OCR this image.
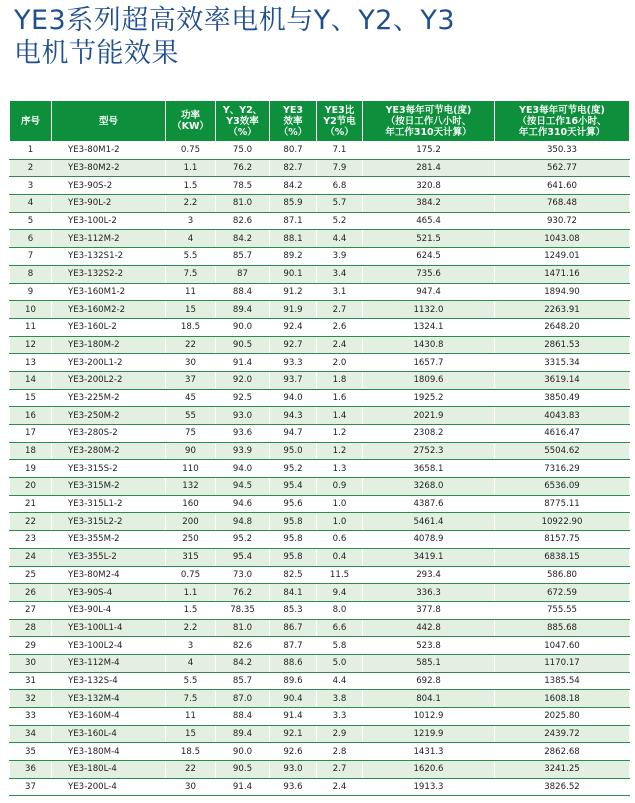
YE3系列超高效率电机与Y、Y2、Y3
电机节能效果
序号	型号	功率
（KW）	Y、Y2、
Y3效率
（%）	YE3
效率
（%）	YE3比
Y2节电
（%）	YE3每年可节电(度)
（按日工作八小时、
年工作310天计算）	YE3每年可节电(度)
（按日工作16小时、
年工作310天计算）
1	YE3-80M1-2	0.75	75.0	80.7	7.1	175.2	350.33
2	YE3-80M2-2	1.1	76.2	82.7	7.9	281.4	562.77
3	YE3-90S-2	1.5	78.5	84.2	6.8	320.8	641.60
4	YE3-90L-2	2.2	81.0	85.9	5.7	384.2	768.48
5	YE3-100L-2	3	82.6	87.1	5.2	465.4	930.72
6	YE3-112M-2	4	84.2	88.1	4.4	521.5	1043.08
7	YE3-132S1-2	5.5	85.7	89.2	3.9	624.5	1249.01
8	YE3-132S2-2	7.5	87	90.1	3.4	735.6	1471.16
9	YE3-160M1-2	11	88.4	91.2	3.1	947.4	1894.90
10	YE3-160M2-2	15	89.4	91.9	2.7	1132.0	2263.91
11	YE3-160L-2	18.5	90.0	92.4	2.6	1324.1	2648.20
12	YE3-180M-2	22	90.5	92.7	2.4	1430.8	2861.53
13	YE3-200L1-2	30	91.4	93.3	2.0	1657.7	3315.34
14	YE3-200L2-2	37	92.0	93.7	1.8	1809.6	3619.14
15	YE3-225M-2	45	92.5	94.0	1.6	1925.2	3850.49
16	YE3-250M-2	55	93.0	94.3	1.4	2021.9	4043.83
17	YE3-280S-2	75	93.6	94.7	1.2	2308.2	4616.47
18	YE3-280M-2	90	93.9	95.0	1.2	2752.3	5504.62
19	YE3-315S-2	110	94.0	95.2	1.3	3658.1	7316.29
20	YE3-315M-2	132	94.5	95.4	0.9	3268.0	6536.09
21	YE3-315L1-2	160	94.6	95.6	1.0	4387.6	8775.11
22	YE3-315L2-2	200	94.8	95.8	1.0	5461.4	10922.90
23	YE3-355M-2	250	95.2	95.8	0.6	4078.9	8157.75
24	YE3-355L-2	315	95.4	95.8	0.4	3419.1	6838.15
25	YE3-80M2-4	0.75	73.0	82.5	11.5	293.4	586.80
26	YE3-90S-4	1.1	76.2	84.1	9.4	336.3	672.59
27	YE3-90L-4	1.5	78.35	85.3	8.0	377.8	755.55
28	YE3-100L1-4	2.2	81.0	86.7	6.6	442.8	885.68
29	YE3-100L2-4	3	82.6	87.7	5.8	523.8	1047.60
30	YE3-112M-4	4	84.2	88.6	5.0	585.1	1170.17
31	YE3-132S-4	5.5	85.7	89.6	4.4	692.8	1385.54
32	YE3-132M-4	7.5	87.0	90.4	3.8	804.1	1608.18
33	YE3-160M-4	11	88.4	91.4	3.3	1012.9	2025.80
34	YE3-160L-4	15	89.4	92.1	2.9	1219.9	2439.72
35	YE3-180M-4	18.5	90.0	92.6	2.8	1431.3	2862.68
36	YE3-180L-4	22	90.5	93.0	2.7	1620.6	3241.25
37	YE3-200L-4	30	91.4	93.6	2.4	1913.3	3826.52
